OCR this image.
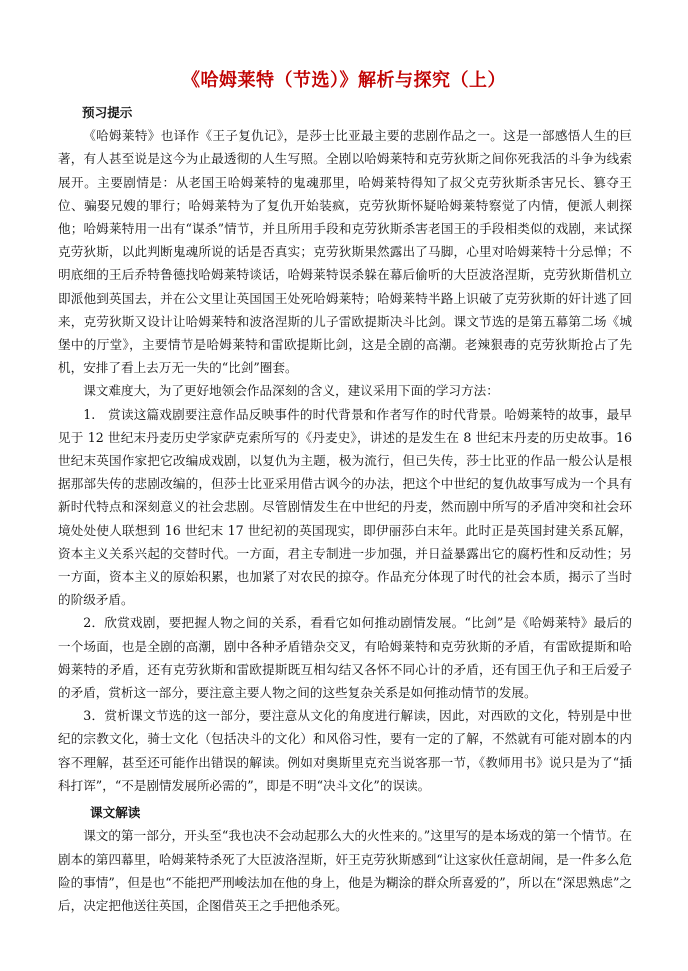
《哈姆莱特（节选）》解析与探究（上）
预习提示

《哈姆莱特》也译作《王子复仇记》，是莎士比亚最主要的悲剧作品之一。这是一部感悟人生的巨著，有人甚至说是这今为止最透彻的人生写照。全剧以哈姆莱特和克劳狄斯之间你死我活的斗争为线索展开。主要剧情是：从老国王哈姆莱特的鬼魂那里，哈姆莱特得知了叔父克劳狄斯杀害兄长、篡夺王位、骗娶兄嫂的罪行；哈姆莱特为了复仇开始装疯，克劳狄斯怀疑哈姆莱特察觉了内情，便派人刺探他；哈姆莱特用一出有“谋杀”情节，并且所用手段和克劳狄斯杀害老国王的手段相类似的戏剧，来试探克劳狄斯，以此判断鬼魂所说的话是否真实；克劳狄斯果然露出了马脚，心里对哈姆莱特十分忌惮；不明底细的王后乔特鲁德找哈姆莱特谈话，哈姆莱特误杀躲在幕后偷听的大臣波洛涅斯，克劳狄斯借机立即派他到英国去，并在公文里让英国国王处死哈姆莱特；哈姆莱特半路上识破了克劳狄斯的奸计逃了回来，克劳狄斯又设计让哈姆莱特和波洛涅斯的儿子雷欧提斯决斗比剑。课文节选的是第五幕第二场《城堡中的厅堂》，主要情节是哈姆莱特和雷欧提斯比剑，这是全剧的高潮。老辣狠毒的克劳狄斯抢占了先机，安排了看上去万无一失的“比剑”圈套。

课文难度大，为了更好地领会作品深刻的含义，建议采用下面的学习方法：

1.　赏读这篇戏剧要注意作品反映事件的时代背景和作者写作的时代背景。哈姆莱特的故事，最早见于 12 世纪末丹麦历史学家萨克索所写的《丹麦史》，讲述的是发生在 8 世纪末丹麦的历史故事。16 世纪末英国作家把它改编成戏剧，以复仇为主题，极为流行，但已失传，莎士比亚的作品一般公认是根据那部失传的悲剧改编的，但莎士比亚采用借古讽今的办法，把这个中世纪的复仇故事写成为一个具有新时代特点和深刻意义的社会悲剧。尽管剧情发生在中世纪的丹麦，然而剧中所写的矛盾冲突和社会环境处处使人联想到 16 世纪末 17 世纪初的英国现实，即伊丽莎白末年。此时正是英国封建关系瓦解，资本主义关系兴起的交替时代。一方面，君主专制进一步加强，并日益暴露出它的腐朽性和反动性；另一方面，资本主义的原始积累，也加紧了对农民的掠夺。作品充分体现了时代的社会本质，揭示了当时的阶级矛盾。

2．欣赏戏剧，要把握人物之间的关系，看看它如何推动剧情发展。“比剑”是《哈姆莱特》最后的一个场面，也是全剧的高潮，剧中各种矛盾错杂交叉，有哈姆莱特和克劳狄斯的矛盾，有雷欧提斯和哈姆莱特的矛盾，还有克劳狄斯和雷欧提斯既互相勾结又各怀不同心计的矛盾，还有国王仇子和王后爱子的矛盾，赏析这一部分，要注意主要人物之间的这些复杂关系是如何推动情节的发展。

3．赏析课文节选的这一部分，要注意从文化的角度进行解读，因此，对西欧的文化，特别是中世纪的宗教文化，骑士文化（包括决斗的文化）和风俗习性，要有一定的了解，不然就有可能对剧本的内容不理解，甚至还可能作出错误的解读。例如对奥斯里克充当说客那一节，《教师用书》说只是为了“插科打诨”，“不是剧情发展所必需的”，即是不明“决斗文化”的误读。

课文解读

课文的第一部分，开头至“我也决不会动起那么大的火性来的。”这里写的是本场戏的第一个情节。在剧本的第四幕里，哈姆莱特杀死了大臣波洛涅斯，奸王克劳狄斯感到“让这家伙任意胡闹，是一件多么危险的事情”，但是也“不能把严刑峻法加在他的身上，他是为糊涂的群众所喜爱的”，所以在“深思熟虑”之后，决定把他送往英国，企图借英王之手把他杀死。
